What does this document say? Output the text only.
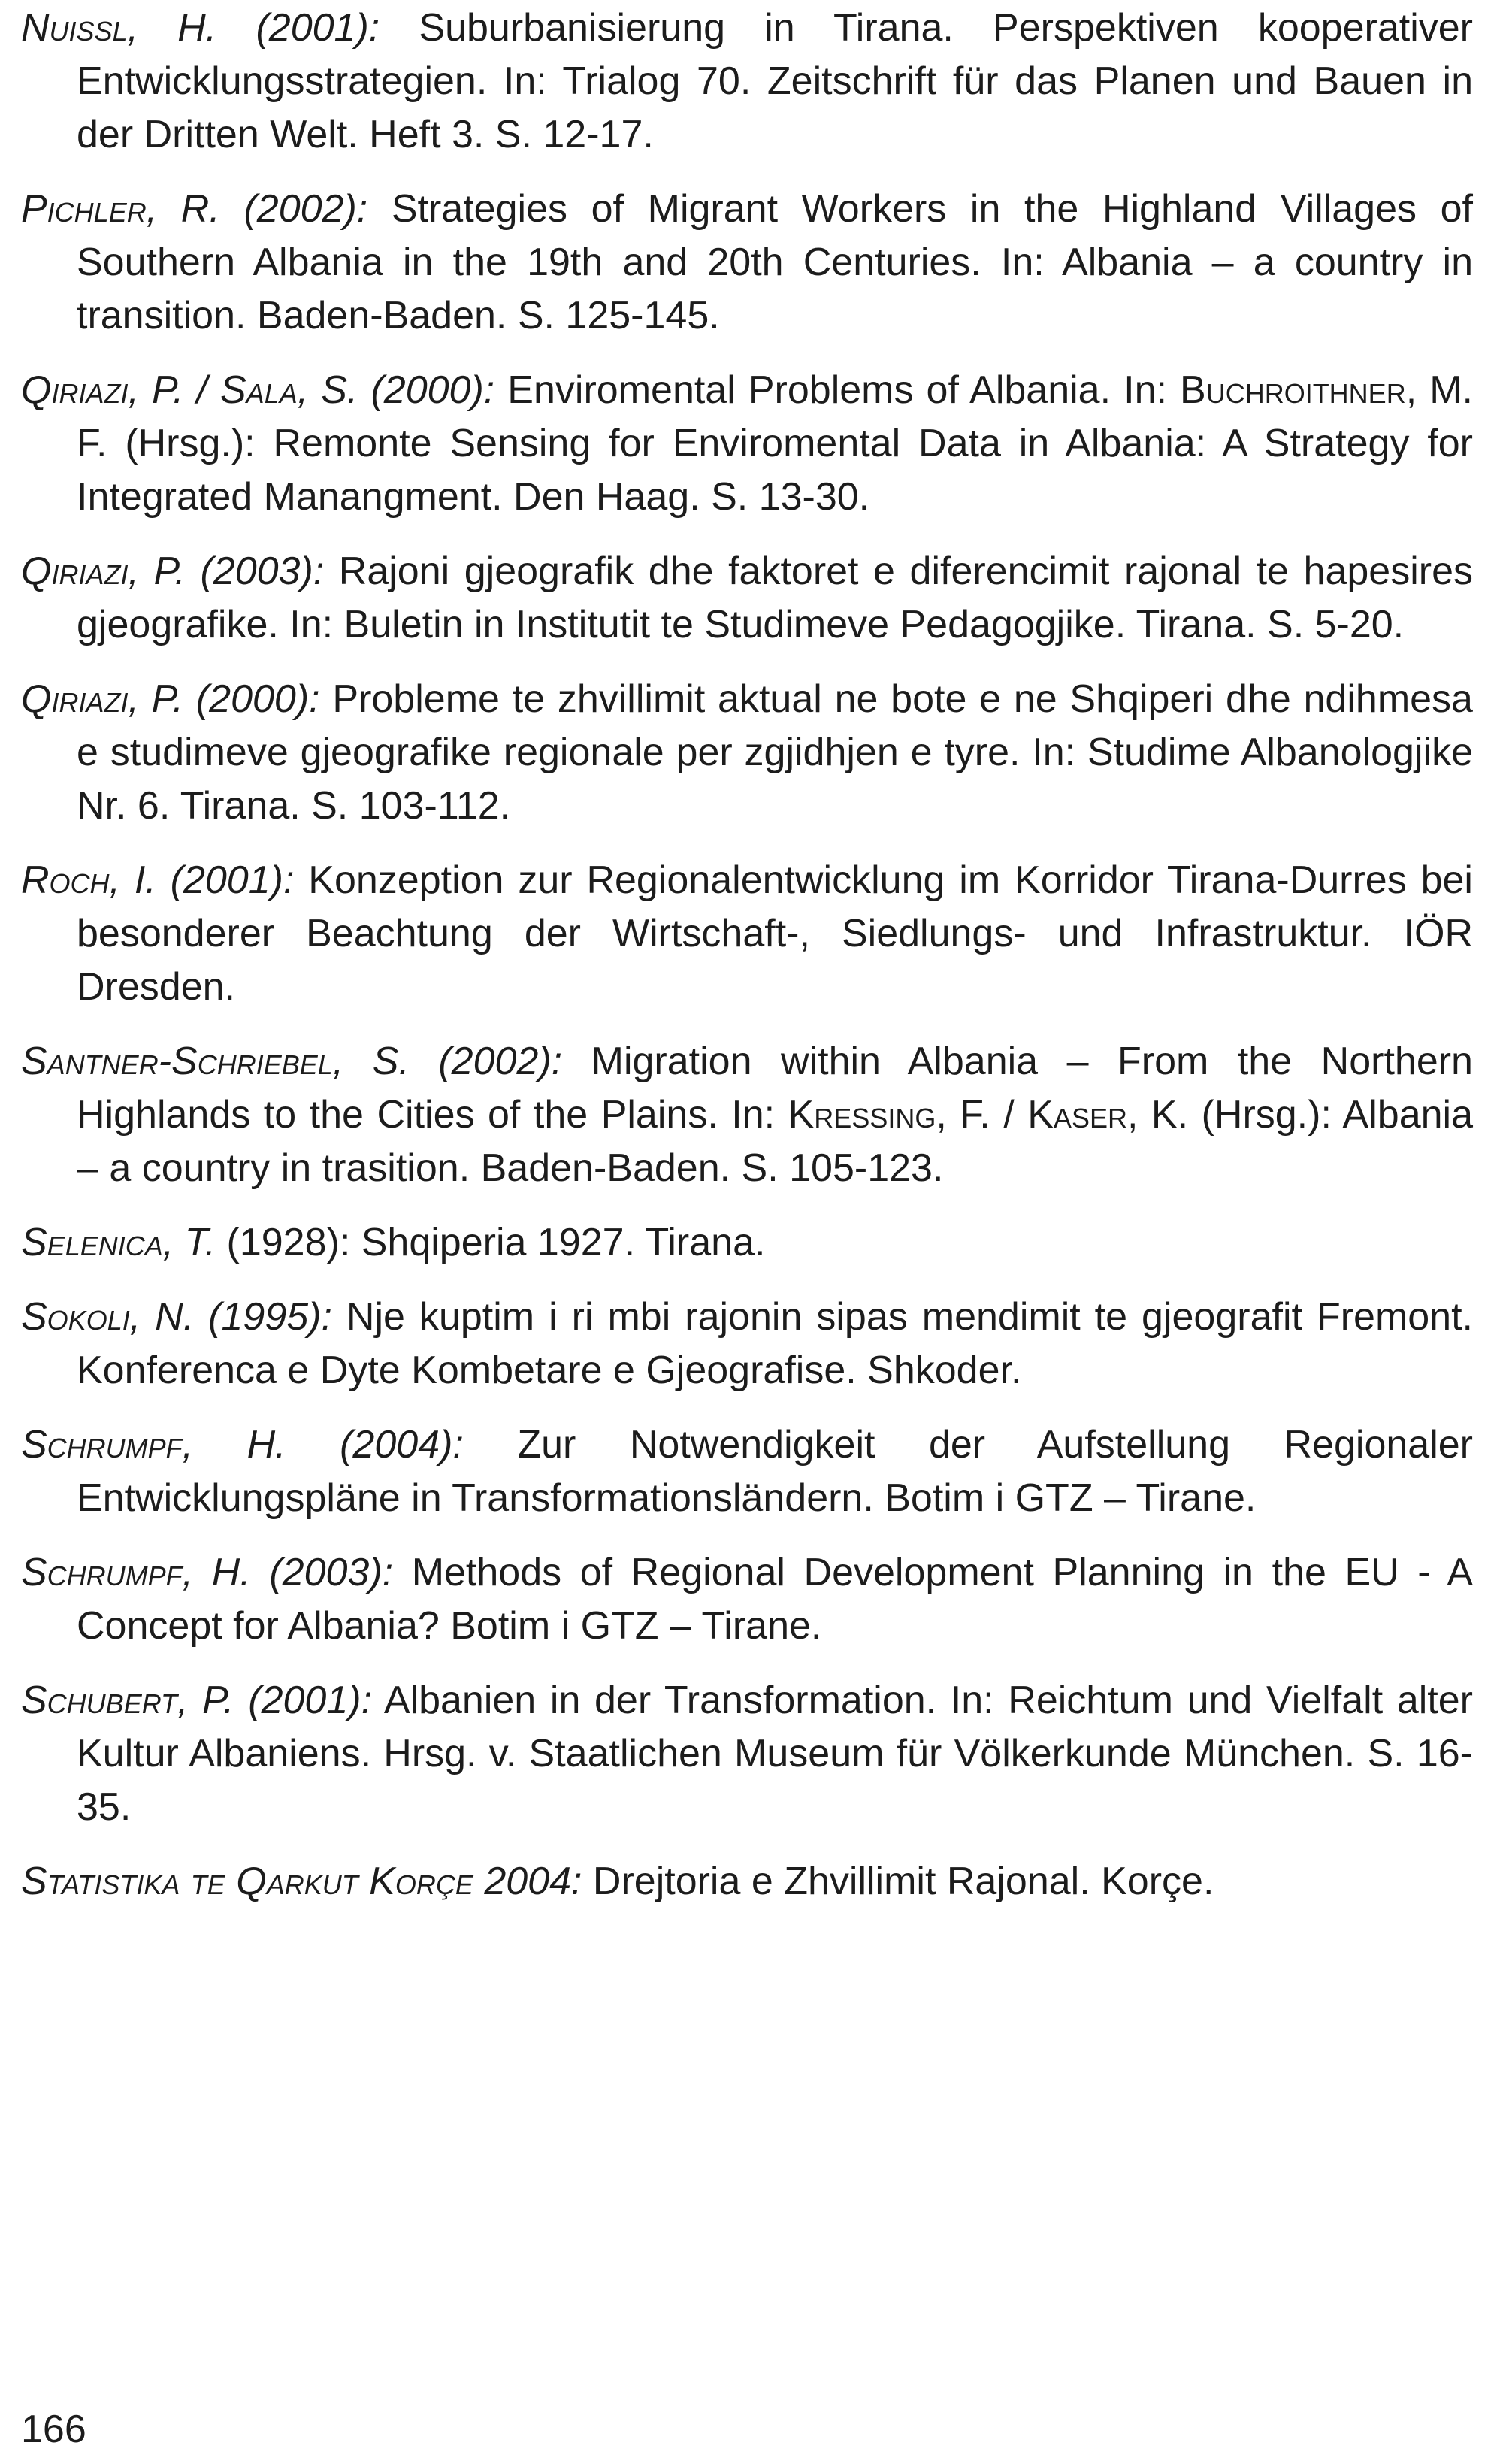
Nuissl, H. (2001): Suburbanisierung in Tirana. Perspektiven kooperativer Entwicklungsstrategien. In: Trialog 70. Zeitschrift für das Planen und Bauen in der Dritten Welt. Heft 3. S. 12-17.

Pichler, R. (2002): Strategies of Migrant Workers in the Highland Villages of Southern Albania in the 19th and 20th Centuries. In: Albania – a country in transition. Baden-Baden. S. 125-145.

Qiriazi, P. / Sala, S. (2000): Enviromental Problems of Albania. In: Buchroithner, M. F. (Hrsg.): Remonte Sensing for Enviromental Data in Albania: A Strategy for Integrated Manangment. Den Haag. S. 13-30.

Qiriazi, P. (2003): Rajoni gjeografik dhe faktoret e diferencimit rajonal te hapesires gjeografike. In: Buletin in Institutit te Studimeve Pedagogjike. Tirana. S. 5-20.

Qiriazi, P. (2000): Probleme te zhvillimit aktual ne bote e ne Shqiperi dhe ndihmesa e studimeve gjeografike regionale per zgjidhjen e tyre. In: Studime Albanologjike Nr. 6. Tirana. S. 103-112.

Roch, I. (2001): Konzeption zur Regionalentwicklung im Korridor Tirana-Durres bei besonderer Beachtung der Wirtschaft-, Siedlungs- und Infrastruktur. IÖR Dresden.

Santner-Schriebel, S. (2002): Migration within Albania – From the Northern Highlands to the Cities of the Plains. In: Kressing, F. / Kaser, K. (Hrsg.): Albania – a country in trasition. Baden-Baden. S. 105-123.

Selenica, T. (1928): Shqiperia 1927. Tirana.

Sokoli, N. (1995): Nje kuptim i ri mbi rajonin sipas mendimit te gjeografit Fremont. Konferenca e Dyte Kombetare e Gjeografise. Shkoder.

Schrumpf, H. (2004): Zur Notwendigkeit der Aufstellung Regionaler Entwicklungspläne in Transformationsländern. Botim i GTZ – Tirane.

Schrumpf, H. (2003): Methods of Regional Development Planning in the EU - A Concept for Albania? Botim i GTZ – Tirane.

Schubert, P. (2001): Albanien in der Transformation. In: Reichtum und Vielfalt alter Kultur Albaniens. Hrsg. v. Staatlichen Museum für Völkerkunde München. S. 16-35.

Statistika te Qarkut Korçe 2004: Drejtoria e Zhvillimit Rajonal. Korçe.

166
